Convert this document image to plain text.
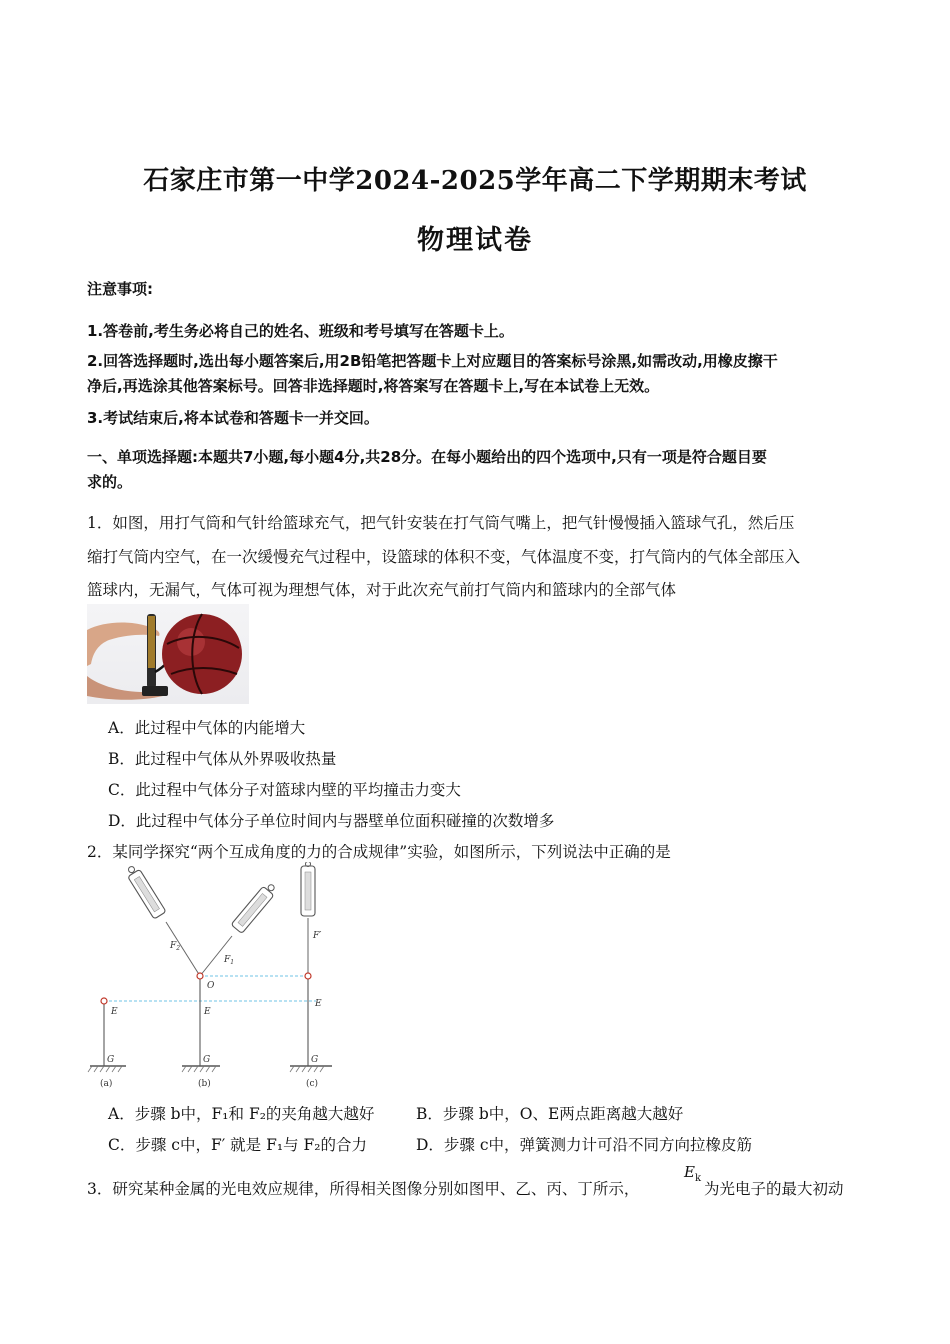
石家庄市第一中学2024-2025学年高二下学期期末考试
物理试卷
注意事项:
1.答卷前,考生务必将自己的姓名、班级和考号填写在答题卡上。
2.回答选择题时,选出每小题答案后,用2B铅笔把答题卡上对应题目的答案标号涂黑,如需改动,用橡皮擦干
净后,再选涂其他答案标号。回答非选择题时,将答案写在答题卡上,写在本试卷上无效。
3.考试结束后,将本试卷和答题卡一并交回。
一、单项选择题:本题共7小题,每小题4分,共28分。在每小题给出的四个选项中,只有一项是符合题目要
求的。
1．如图，用打气筒和气针给篮球充气，把气针安装在打气筒气嘴上，把气针慢慢插入篮球气孔，然后压
缩打气筒内空气，在一次缓慢充气过程中，设篮球的体积不变，气体温度不变，打气筒内的气体全部压入
篮球内，无漏气，气体可视为理想气体，对于此次充气前打气筒内和篮球内的全部气体
A．此过程中气体的内能增大
B．此过程中气体从外界吸收热量
C．此过程中气体分子对篮球内壁的平均撞击力变大
D．此过程中气体分子单位时间内与器壁单位面积碰撞的次数增多
2．某同学探究“两个互成角度的力的合成规律”实验，如图所示，下列说法中正确的是
E
G
(a)
O
E
G
$F_2$
$F_1$
(b)
F′
E
G
(c)
A．步骤 b中，F₁和 F₂的夹角越大越好	B．步骤 b中，O、E两点距离越大越好
C．步骤 c中，F′ 就是 F₁与 F₂的合力	D．步骤 c中，弹簧测力计可沿不同方向拉橡皮筋
3．研究某种金属的光电效应规律，所得相关图像分别如图甲、乙、丙、丁所示，
$E_k$
为光电子的最大初动
